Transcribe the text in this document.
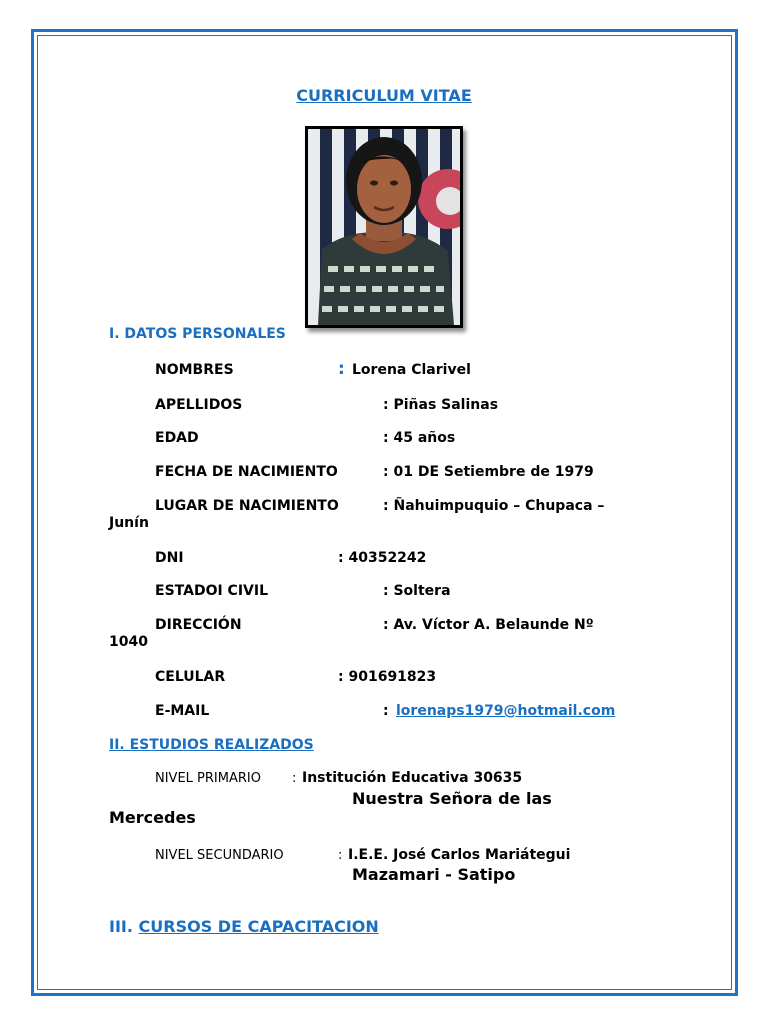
CURRICULUM VITAE
I. DATOS PERSONALES
NOMBRES	: Lorena Clarivel
APELLIDOS	: Piñas Salinas
EDAD	: 45 años
FECHA DE NACIMIENTO	: 01 DE Setiembre de 1979
LUGAR DE NACIMIENTO	: Ñahuimpuquio – Chupaca –
Junín
DNI	: 40352242
ESTADOI CIVIL	: Soltera
DIRECCIÓN	: Av. Víctor A. Belaunde Nº
1040
CELULAR	: 901691823
E-MAIL	: lorenaps1979@hotmail.com
II. ESTUDIOS REALIZADOS
NIVEL PRIMARIO : Institución Educativa 30635
Nuestra Señora de las
Mercedes
NIVEL SECUNDARIO	: I.E.E. José Carlos Mariátegui
Mazamari - Satipo
III. CURSOS DE CAPACITACION
